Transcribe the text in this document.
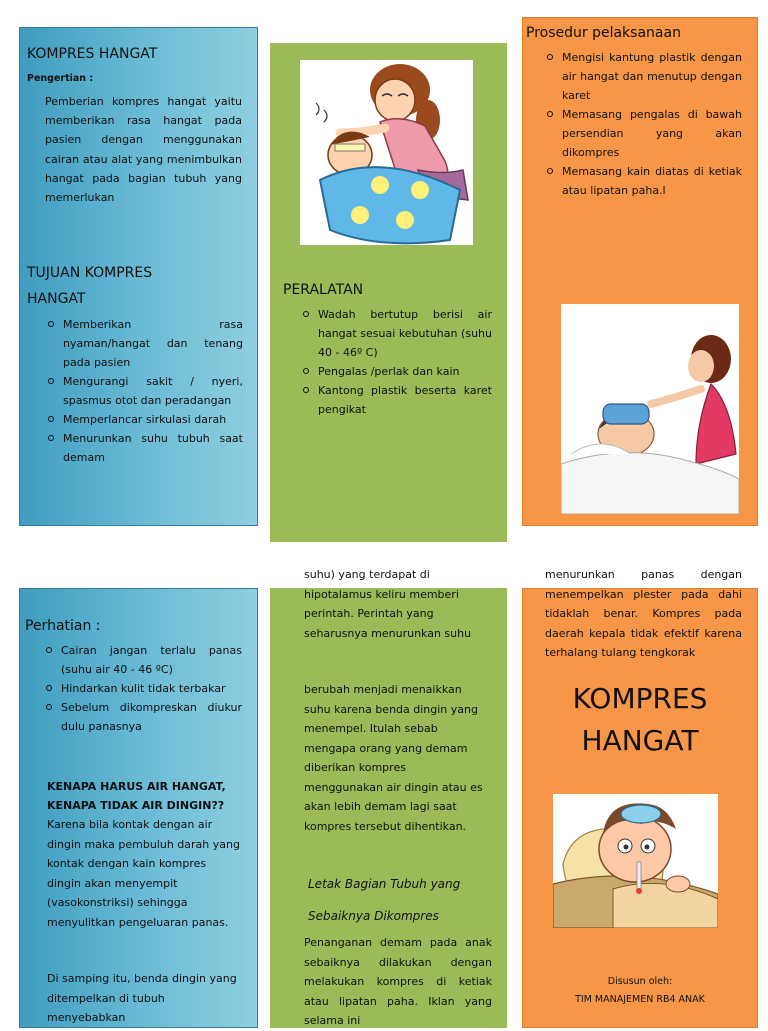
KOMPRES HANGAT
Pengertian :
Pemberian kompres hangat yaitu memberikan rasa hangat pada pasien dengan menggunakan cairan atau alat yang menimbulkan hangat pada bagian tubuh yang memerlukan
TUJUAN KOMPRES
HANGAT
Memberikan rasa nyaman/hangat dan tenang pada pasien
Mengurangi sakit / nyeri, spasmus otot dan peradangan
Memperlancar sirkulasi darah
Menurunkan suhu tubuh saat demam
PERALATAN
Wadah bertutup berisi air hangat sesuai kebutuhan (suhu 40 - 46º C)
Pengalas /perlak dan kain
Kantong plastik beserta karet pengikat
Prosedur pelaksanaan
Mengisi kantung plastik dengan air hangat dan menutup dengan karet
Memasang pengalas di bawah persendian yang akan dikompres
Memasang kain diatas di ketiak atau lipatan paha.l
Perhatian :
Cairan jangan terlalu panas (suhu air 40 - 46 ºC)
Hindarkan kulit tidak terbakar
Sebelum dikompreskan diukur dulu panasnya
KENAPA HARUS AIR HANGAT,
KENAPA TIDAK AIR DINGIN??
Karena bila kontak dengan air dingin maka pembuluh darah yang kontak dengan kain kompres dingin akan menyempit (vasokonstriksi) sehingga menyulitkan pengeluaran panas.
Di samping itu, benda dingin yang ditempelkan di tubuh menyebabkan
suhu) yang terdapat di hipotalamus keliru memberi perintah. Perintah yang seharusnya menurunkan suhu
berubah menjadi menaikkan suhu karena benda dingin yang menempel. Itulah sebab mengapa orang yang demam diberikan kompres menggunakan air dingin atau es akan lebih demam lagi saat kompres tersebut dihentikan.
Letak Bagian Tubuh yang
Sebaiknya Dikompres
Penanganan demam pada anak sebaiknya dilakukan dengan melakukan kompres di ketiak atau lipatan paha. Iklan yang selama ini
menurunkan panas dengan menempelkan plester pada dahi tidaklah benar. Kompres pada daerah kepala tidak efektif karena terhalang tulang tengkorak
KOMPRES
HANGAT
Disusun oleh:
TIM MANAJEMEN RB4 ANAK
